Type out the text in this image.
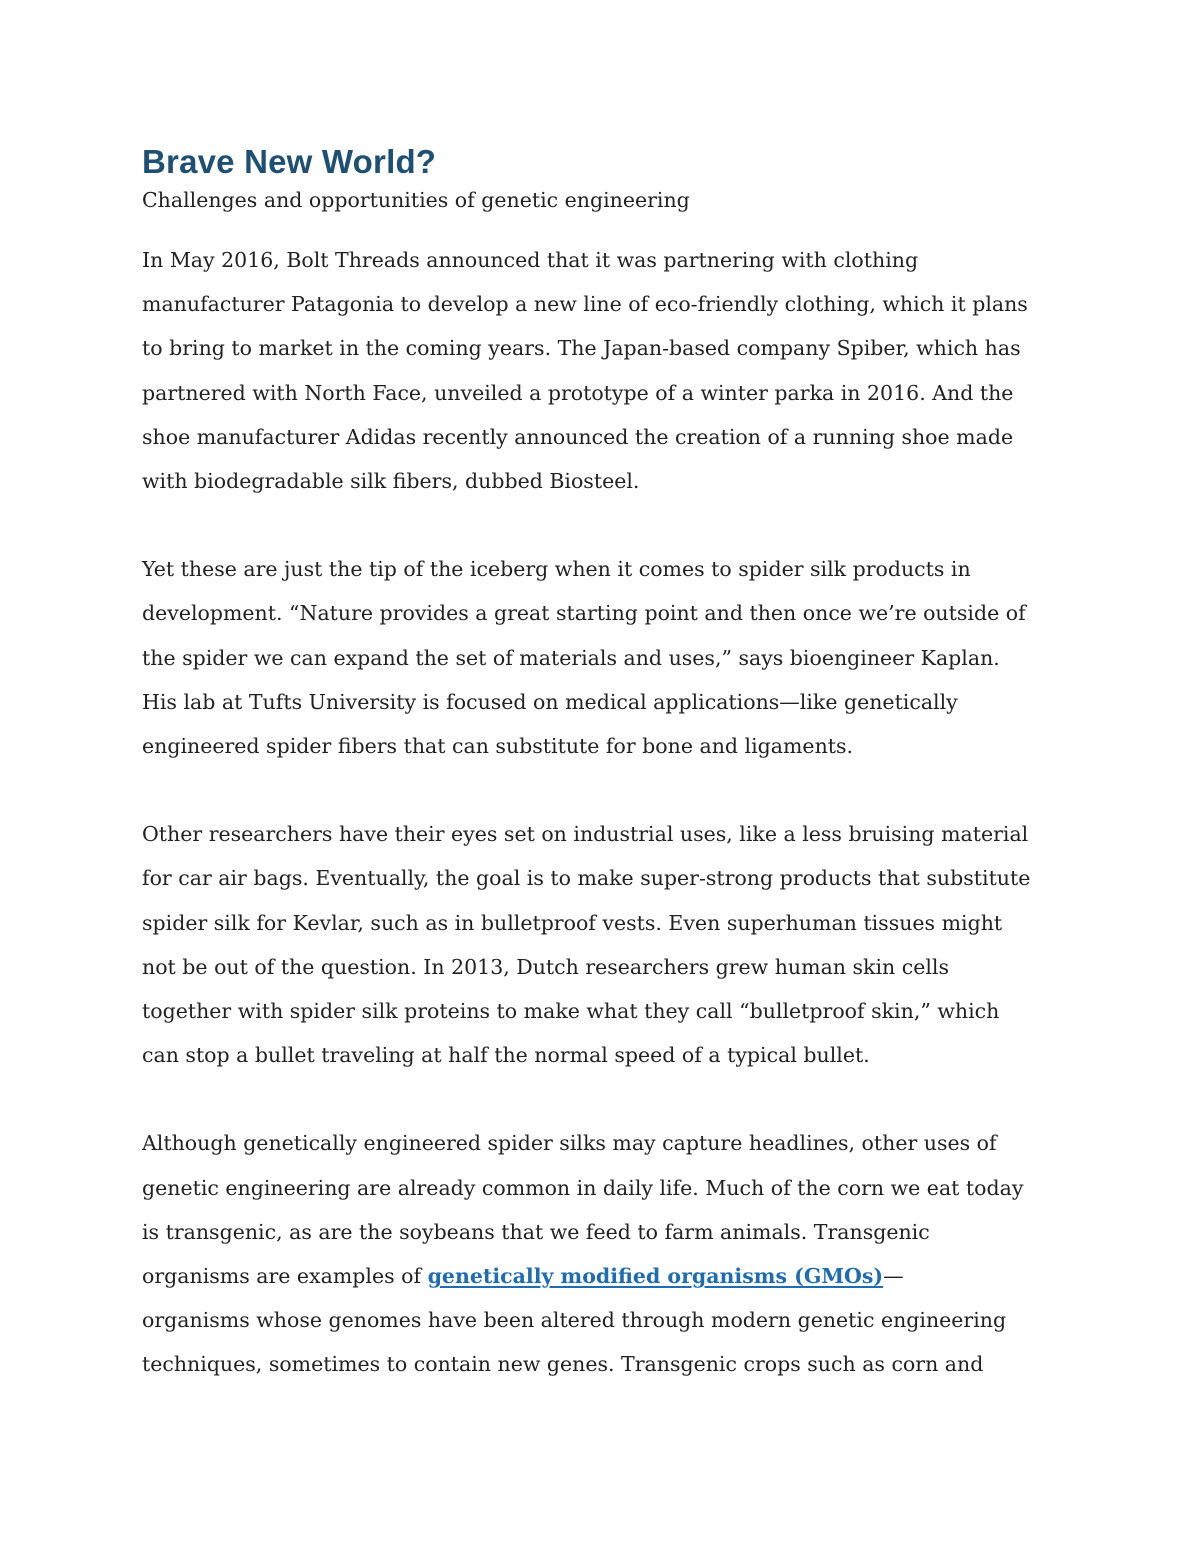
Brave New World?
Challenges and opportunities of genetic engineering

In May 2016, Bolt Threads announced that it was partnering with clothing
manufacturer Patagonia to develop a new line of eco-friendly clothing, which it plans
to bring to market in the coming years. The Japan-based company Spiber, which has
partnered with North Face, unveiled a prototype of a winter parka in 2016. And the
shoe manufacturer Adidas recently announced the creation of a running shoe made
with biodegradable silk fibers, dubbed Biosteel.

Yet these are just the tip of the iceberg when it comes to spider silk products in
development. “Nature provides a great starting point and then once we’re outside of
the spider we can expand the set of materials and uses,” says bioengineer Kaplan.
His lab at Tufts University is focused on medical applications—like genetically
engineered spider fibers that can substitute for bone and ligaments.

Other researchers have their eyes set on industrial uses, like a less bruising material
for car air bags. Eventually, the goal is to make super-strong products that substitute
spider silk for Kevlar, such as in bulletproof vests. Even superhuman tissues might
not be out of the question. In 2013, Dutch researchers grew human skin cells
together with spider silk proteins to make what they call “bulletproof skin,” which
can stop a bullet traveling at half the normal speed of a typical bullet.

Although genetically engineered spider silks may capture headlines, other uses of
genetic engineering are already common in daily life. Much of the corn we eat today
is transgenic, as are the soybeans that we feed to farm animals. Transgenic
organisms are examples of genetically modified organisms (GMOs)—
organisms whose genomes have been altered through modern genetic engineering
techniques, sometimes to contain new genes. Transgenic crops such as corn and
